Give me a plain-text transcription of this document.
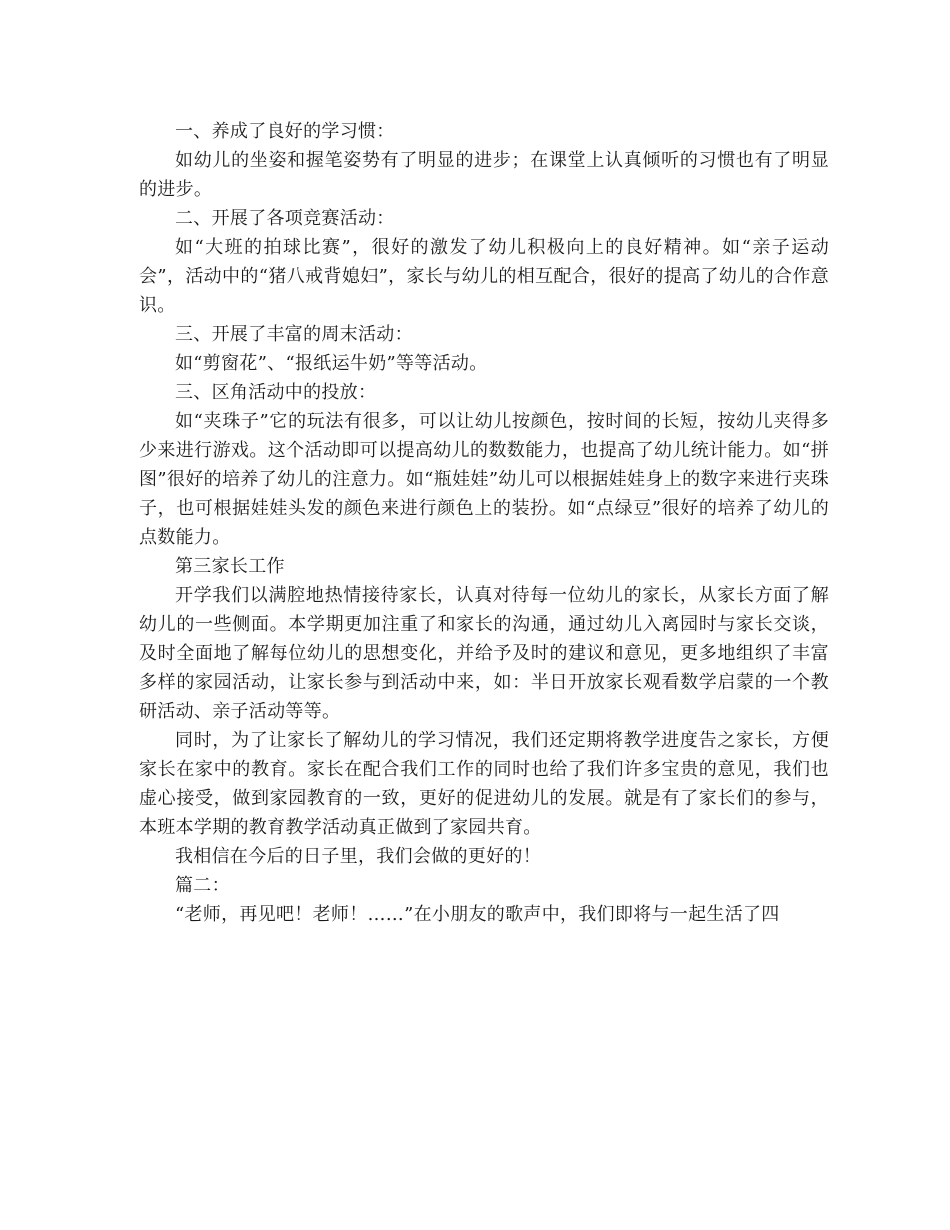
一、养成了良好的学习惯：

如幼儿的坐姿和握笔姿势有了明显的进步；在课堂上认真倾听的习惯也有了明显的进步。

二、开展了各项竞赛活动：

如“大班的拍球比赛”，很好的激发了幼儿积极向上的良好精神。如“亲子运动会”，活动中的“猪八戒背媳妇”，家长与幼儿的相互配合，很好的提高了幼儿的合作意识。

三、开展了丰富的周末活动：

如“剪窗花”、“报纸运牛奶”等等活动。

三、区角活动中的投放：

如“夹珠子”它的玩法有很多，可以让幼儿按颜色，按时间的长短，按幼儿夹得多少来进行游戏。这个活动即可以提高幼儿的数数能力，也提高了幼儿统计能力。如“拼图”很好的培养了幼儿的注意力。如“瓶娃娃”幼儿可以根据娃娃身上的数字来进行夹珠子，也可根据娃娃头发的颜色来进行颜色上的装扮。如“点绿豆”很好的培养了幼儿的点数能力。

第三家长工作

开学我们以满腔地热情接待家长，认真对待每一位幼儿的家长，从家长方面了解幼儿的一些侧面。本学期更加注重了和家长的沟通，通过幼儿入离园时与家长交谈，及时全面地了解每位幼儿的思想变化，并给予及时的建议和意见，更多地组织了丰富多样的家园活动，让家长参与到活动中来，如：半日开放家长观看数学启蒙的一个教研活动、亲子活动等等。

同时，为了让家长了解幼儿的学习情况，我们还定期将教学进度告之家长，方便家长在家中的教育。家长在配合我们工作的同时也给了我们许多宝贵的意见，我们也虚心接受，做到家园教育的一致，更好的促进幼儿的发展。就是有了家长们的参与，本班本学期的教育教学活动真正做到了家园共育。

我相信在今后的日子里，我们会做的更好的！

篇二：

“老师，再见吧！老师！……”在小朋友的歌声中，我们即将与一起生活了四
